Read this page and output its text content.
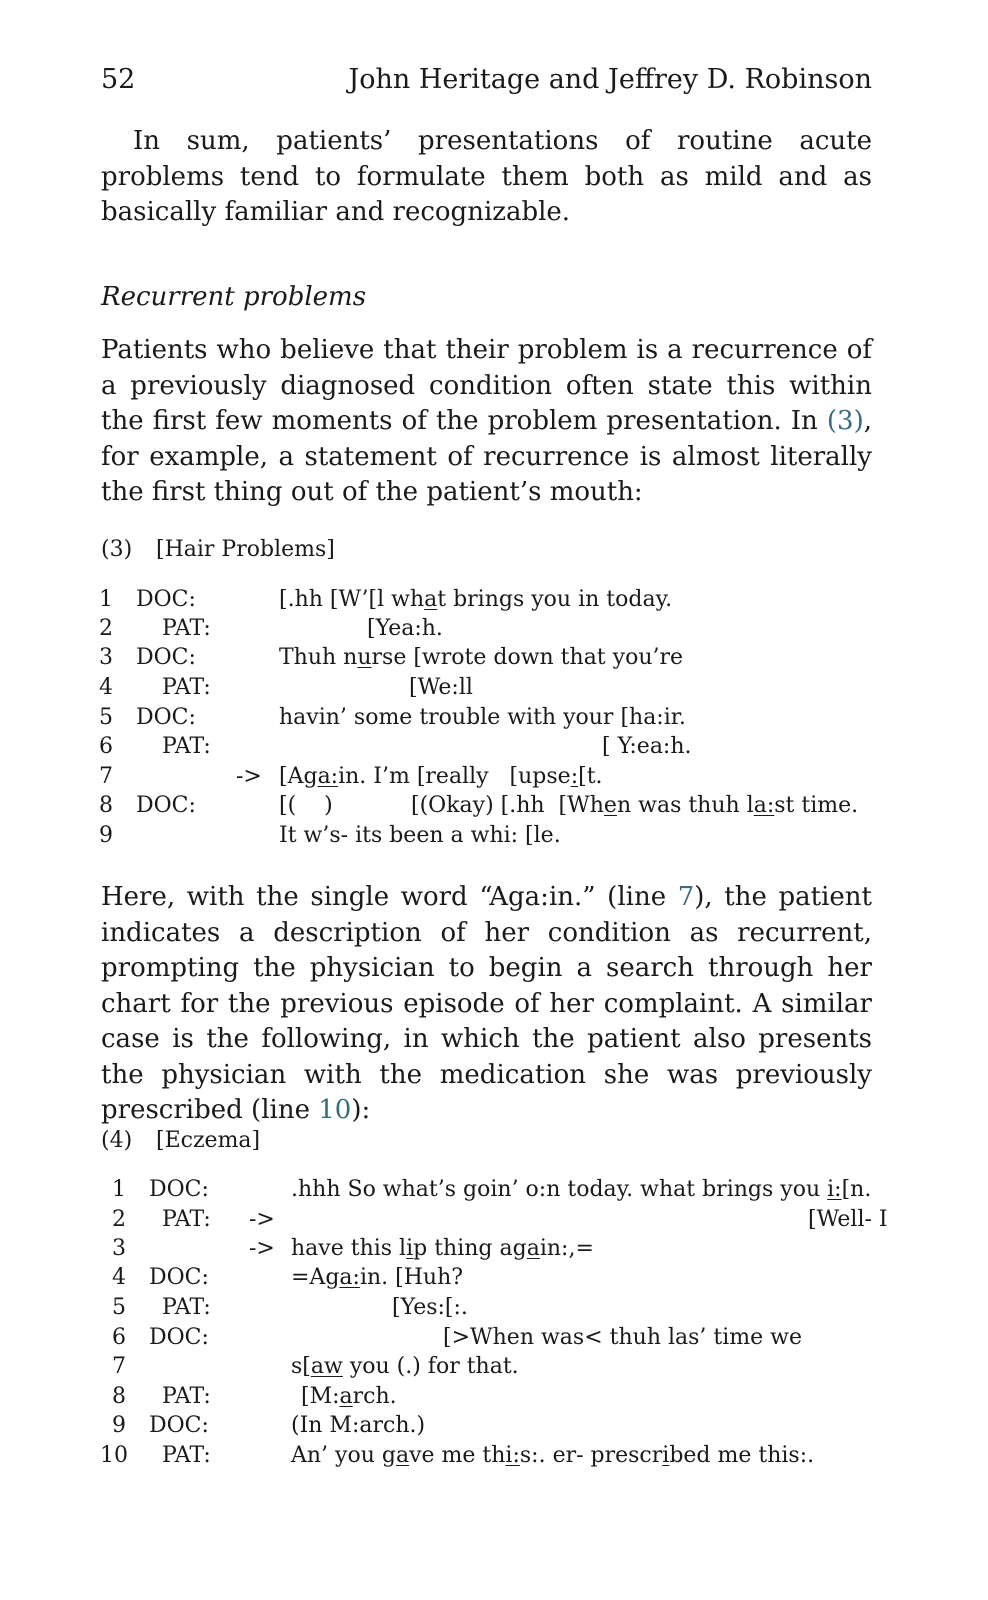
52	John Heritage and Jeffrey D. Robinson

In sum, patients’ presentations of routine acute problems tend to formulate them both as mild and as basically familiar and recognizable.

Recurrent problems

Patients who believe that their problem is a recurrence of a previously diagnosed condition often state this within the first few moments of the problem presentation. In (3), for example, a statement of recurrence is almost literally the first thing out of the patient’s mouth:

(3) [Hair Problems]
1 DOC:	[.hh [W’[l what brings you in today.
2 PAT:	[Yea:h.
3 DOC:	Thuh nurse [wrote down that you’re
4 PAT:	[We:ll
5 DOC:	havin’ some trouble with your [ha:ir.
6 PAT:	[ Y:ea:h.
7	-> [Aga:in. I’m [really   [upse:[t.
8 DOC:	[(    )	[(Okay) [.hh  [When was thuh la:st time.
9	It w’s- its been a whi: [le.

Here, with the single word “Aga:in.” (line 7), the patient indicates a description of her condition as recurrent, prompting the physician to begin a search through her chart for the previous episode of her complaint. A similar case is the following, in which the patient also presents the physician with the medication she was previously prescribed (line 10):

(4) [Eczema]
1 DOC:	.hhh So what’s goin’ o:n today. what brings you i:[n.
2 PAT: ->	[Well- I
3	-> have this lip thing again:,=
4 DOC:	=Aga:in. [Huh?
5 PAT:	[Yes:[:.
6 DOC:	[>When was< thuh las’ time we
7	s[aw you (.) for that.
8 PAT:	[M:arch.
9 DOC:	(In M:arch.)
10 PAT:	An’ you gave me thi:s:. er- prescribed me this:.
